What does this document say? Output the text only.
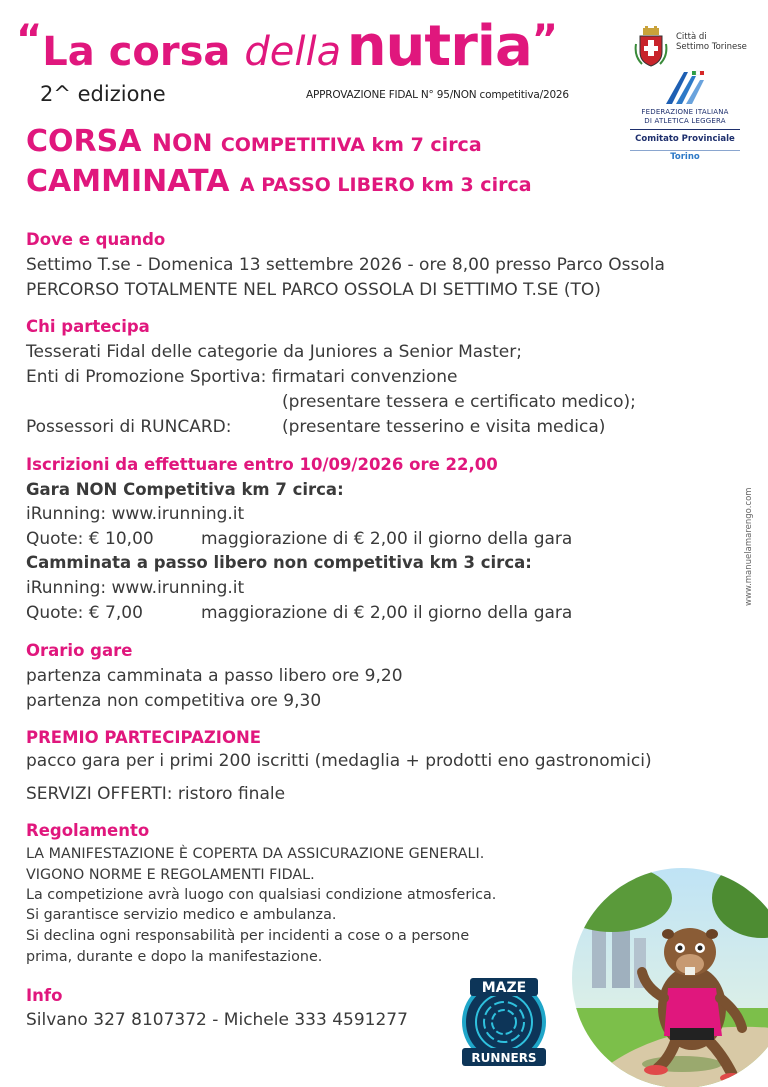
“La corsa della nutria”
2^ edizione	APPROVAZIONE FIDAL N° 95/NON competitiva/2026
Città di
Settimo Torinese
FEDERAZIONE ITALIANA
DI ATLETICA LEGGERA
Comitato Provinciale Torino
CORSA NON COMPETITIVA km 7 circa
CAMMINATA A PASSO LIBERO km 3 circa
Dove e quando
Settimo T.se - Domenica 13 settembre 2026 - ore 8,00 presso Parco Ossola
PERCORSO TOTALMENTE NEL PARCO OSSOLA DI SETTIMO T.SE (TO)
Chi partecipa
Tesserati Fidal delle categorie da Juniores a Senior Master;
Enti di Promozione Sportiva: firmatari convenzione
(presentare tessera e certificato medico);
Possessori di RUNCARD:	(presentare tesserino e visita medica)
Iscrizioni da effettuare entro 10/09/2026 ore 22,00
Gara NON Competitiva km 7 circa:
iRunning: www.irunning.it
Quote: € 10,00	maggiorazione di € 2,00 il giorno della gara
Camminata a passo libero non competitiva km 3 circa:
iRunning: www.irunning.it
Quote: € 7,00	maggiorazione di € 2,00 il giorno della gara
Orario gare
partenza camminata a passo libero ore 9,20
partenza non competitiva ore 9,30
PREMIO PARTECIPAZIONE
pacco gara per i primi 200 iscritti (medaglia + prodotti eno gastronomici)
SERVIZI OFFERTI: ristoro finale
Regolamento
LA MANIFESTAZIONE È COPERTA DA ASSICURAZIONE GENERALI.
VIGONO NORME E REGOLAMENTI FIDAL.
La competizione avrà luogo con qualsiasi condizione atmosferica.
Si garantisce servizio medico e ambulanza.
Si declina ogni responsabilità per incidenti a cose o a persone
prima, durante e dopo la manifestazione.
Info
Silvano 327 8107372 - Michele 333 4591277
www.manuelamarengo.com
MAZE
RUNNERS
